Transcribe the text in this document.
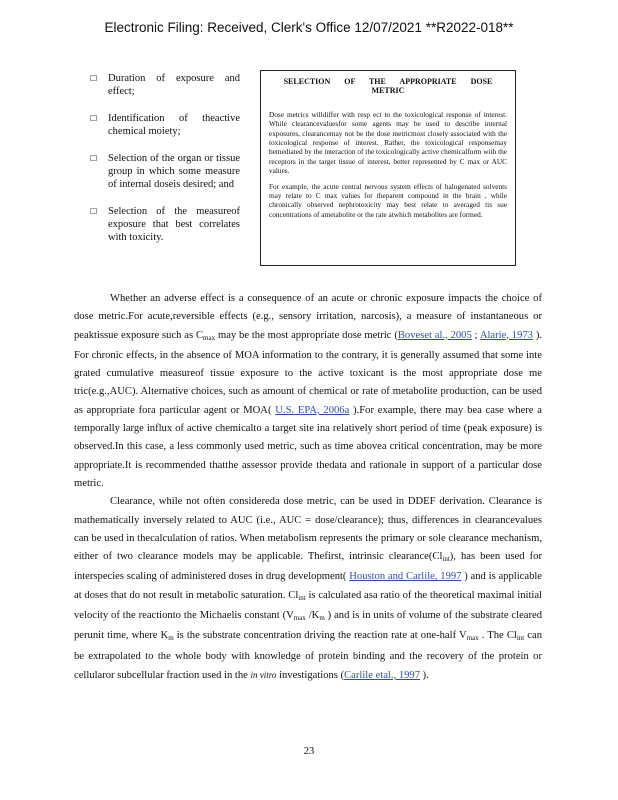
Electronic Filing: Received, Clerk's Office 12/07/2021 **R2022-018**
☐	Duration of exposure and effect;
☐	Identification of theactive chemical moiety;
☐	Selection of the organ or tissue group in which some measure of internal doseis desired; and
☐	Selection of the measureof exposure that best correlates with toxicity.
SELECTION OF THE APPROPRIATE DOSE METRIC

Dose metrics willdiffer with resp ect to the toxicological response of interest. While clearancevaluesfor some agents may be used to describe internal exposures, clearancemay not be the dose metricmost closely associated with the toxicological response of interest. Rather, the toxicological responsemay bemediated by the interaction of the toxicologically active chemicalform with the receptors in the target tissue of interest, better represented by C max or AUC values.

For example, the acute central nervous system effects of halogenated solvents may relate to C max values for theparent compound in the brain , while chronically observed nephrotoxicity may best relate to averaged tis sue concentrations of ametabolite or the rate atwhich metabolites are formed.

Whether an adverse effect is a consequence of an acute or chronic exposure impacts the choice of dose metric.For acute,reversible effects (e.g., sensory irritation, narcosis), a measure of instantaneous or peaktissue exposure such as $C_{max}$ may be the most appropriate dose metric (Boveset al., 2005 ; Alarie, 1973 ). For chronic effects, in the absence of MOA information to the contrary, it is generally assumed that some inte grated cumulative measureof tissue exposure to the active toxicant is the most appropriate dose me tric(e.g.,AUC). Alternative choices, such as amount of chemical or rate of metabolite production, can be used as appropriate fora particular agent or MOA( U.S. EPA, 2006a ).For example, there may bea case where a temporally large influx of active chemicalto a target site ina relatively short period of time (peak exposure) is observed.In this case, a less commonly used metric, such as time abovea critical concentration, may be more appropriate.It is recommended thatthe assessor provide thedata and rationale in support of a particular dose metric.

Clearance, while not often considereda dose metric, can be used in DDEF derivation. Clearance is mathematically inversely related to AUC (i.e., AUC = dose/clearance); thus, differences in clearancevalues can be used in thecalculation of ratios. When metabolism represents the primary or sole clearance mechanism, either of two clearance models may be applicable. Thefirst, intrinsic $clearance(Cl_{int})$, has been used for interspecies scaling of administered doses in drug development( Houston and Carlile, 1997 ) and is applicable at doses that do not result in metabolic saturation. $Cl_{int}$ is calculated asa ratio of the theoretical maximal initial velocity of the reactionto the Michaelis constant ($V_{max}$ $/K_m$ ) and is in units of volume of the substrate cleared perunit time, where $K_m$ is the substrate concentration driving the reaction rate at one-half $V_{max}$ . The $Cl_{int}$ can be extrapolated to the whole body with knowledge of protein binding and the recovery of the protein or cellularor subcellular fraction used in the in vitro investigations (Carlile etal., 1997 ).

23
